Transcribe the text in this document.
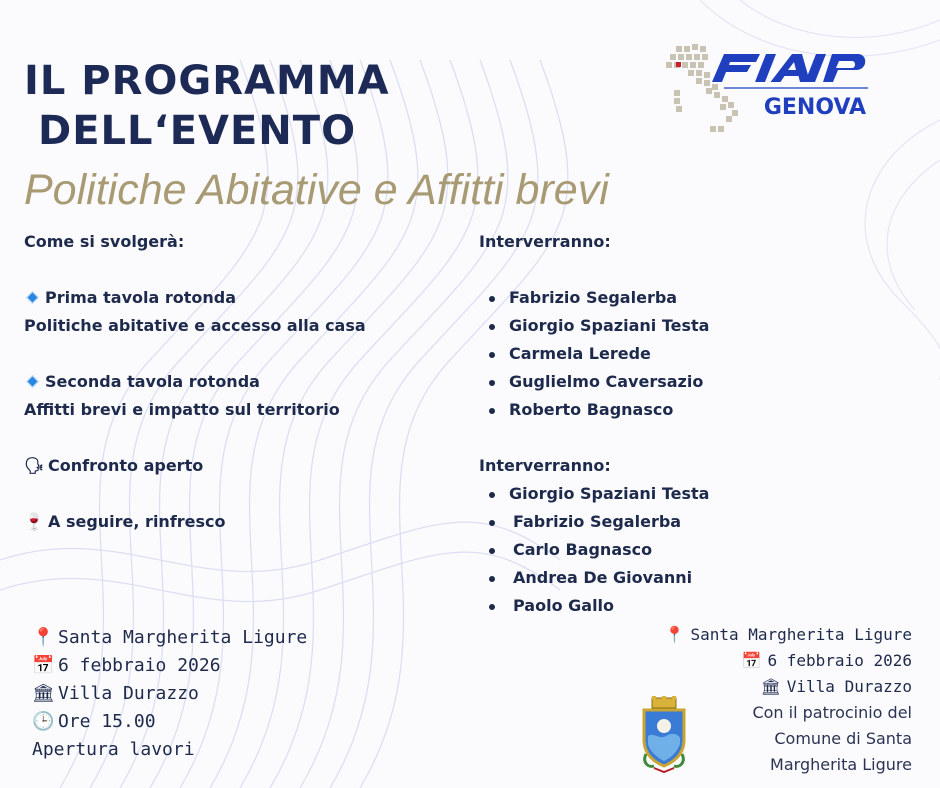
IL PROGRAMMA
DELL‘EVENTO
Politiche Abitative e Affitti brevi
GENOVA
Come si svolgerà:
Prima tavola rotonda
Politiche abitative e accesso alla casa
Seconda tavola rotonda
Affitti brevi e impatto sul territorio
🗣 Confronto aperto
🍷 A seguire, rinfresco
Interverranno:
Fabrizio Segalerba
Giorgio Spaziani Testa
Carmela Lerede
Guglielmo Caversazio
Roberto Bagnasco
Interverranno:
Giorgio Spaziani Testa
Fabrizio Segalerba
Carlo Bagnasco
Andrea De Giovanni
Paolo Gallo
📍 Santa Margherita Ligure
📅 6 febbraio 2026
🏛 Villa Durazzo
🕒 Ore 15.00
Apertura lavori
📍 Santa Margherita Ligure
📅 6 febbraio 2026
🏛 Villa Durazzo
Con il patrocinio del
Comune di Santa
Margherita Ligure
